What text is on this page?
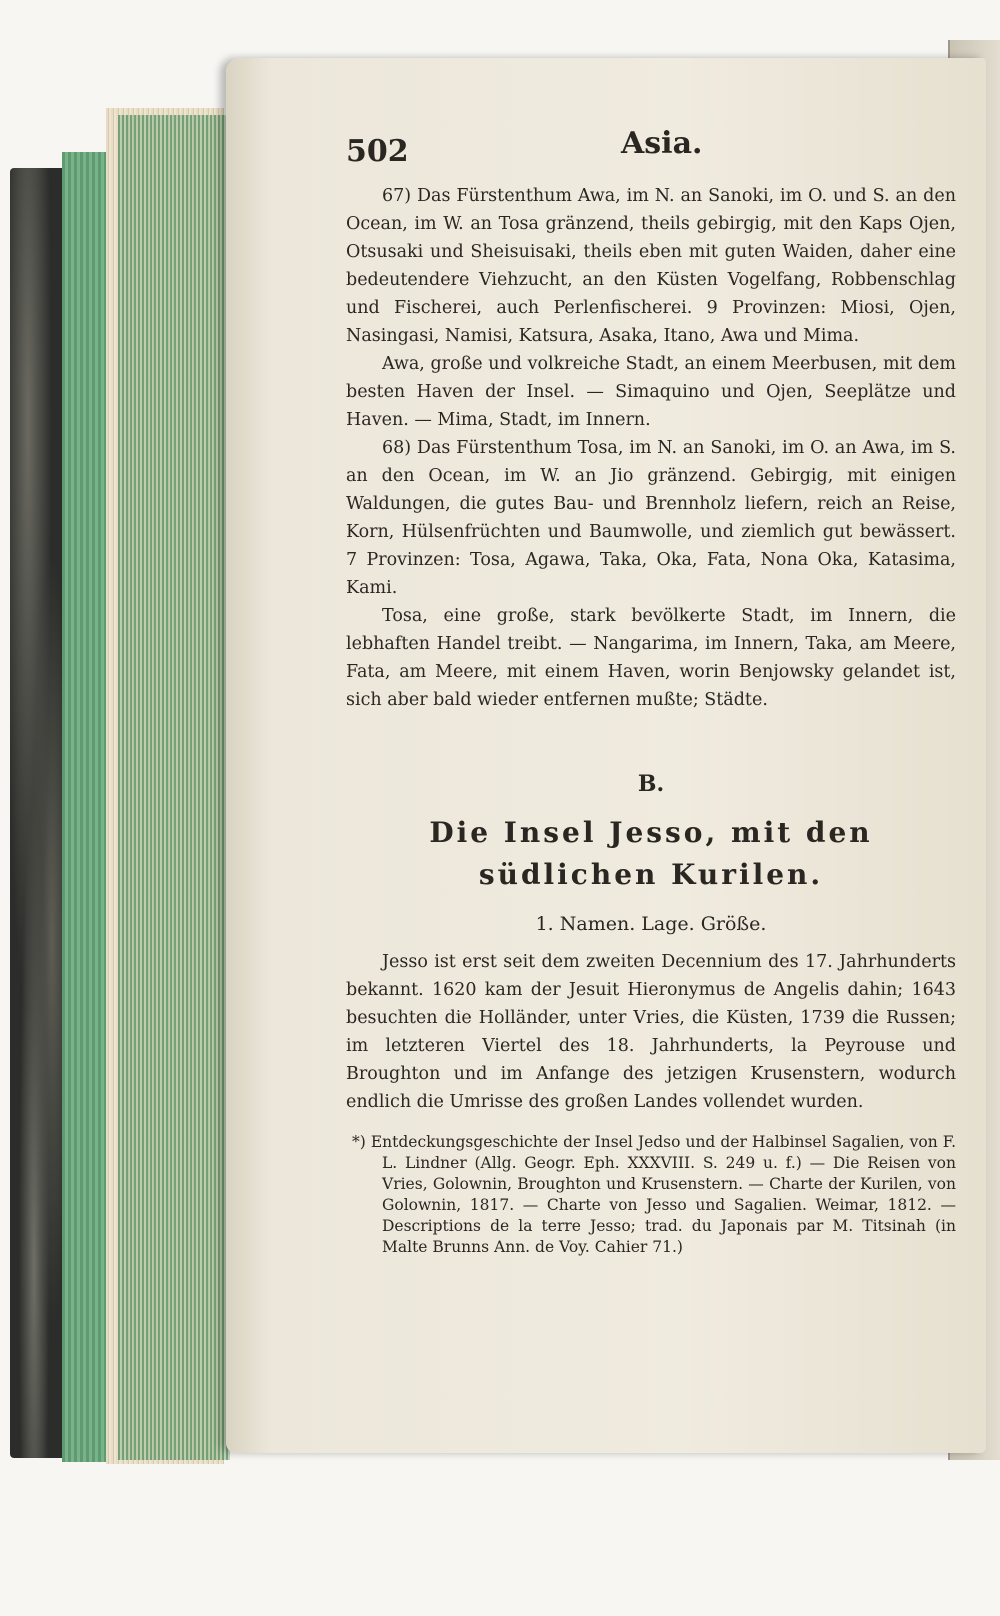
502	Asia.

67) Das Fürstenthum Awa, im N. an Sanoki, im O. und S. an den Ocean, im W. an Tosa gränzend, theils gebirgig, mit den Kaps Ojen, Otsusaki und Sheisuisaki, theils eben mit guten Waiden, daher eine bedeutendere Viehzucht, an den Küsten Vogelfang, Robbenschlag und Fischerei, auch Perlenfischerei. 9 Provinzen: Miosi, Ojen, Nasingasi, Namisi, Katsura, Asaka, Itano, Awa und Mima.

Awa, große und volkreiche Stadt, an einem Meerbusen, mit dem besten Haven der Insel. — Simaquino und Ojen, Seeplätze und Haven. — Mima, Stadt, im Innern.

68) Das Fürstenthum Tosa, im N. an Sanoki, im O. an Awa, im S. an den Ocean, im W. an Jio gränzend. Gebirgig, mit einigen Waldungen, die gutes Bau- und Brennholz liefern, reich an Reise, Korn, Hülsenfrüchten und Baumwolle, und ziemlich gut bewässert. 7 Provinzen: Tosa, Agawa, Taka, Oka, Fata, Nona Oka, Katasima, Kami.

Tosa, eine große, stark bevölkerte Stadt, im Innern, die lebhaften Handel treibt. — Nangarima, im Innern, Taka, am Meere, Fata, am Meere, mit einem Haven, worin Benjowsky gelandet ist, sich aber bald wieder entfernen mußte; Städte.

B.
Die Insel Jesso, mit den südlichen Kurilen.
1. Namen. Lage. Größe.

Jesso ist erst seit dem zweiten Decennium des 17. Jahrhunderts bekannt. 1620 kam der Jesuit Hieronymus de Angelis dahin; 1643 besuchten die Holländer, unter Vries, die Küsten, 1739 die Russen; im letzteren Viertel des 18. Jahrhunderts, la Peyrouse und Broughton und im Anfange des jetzigen Krusenstern, wodurch endlich die Umrisse des großen Landes vollendet wurden.

*) Entdeckungsgeschichte der Insel Jedso und der Halbinsel Sagalien, von F. L. Lindner (Allg. Geogr. Eph. XXXVIII. S. 249 u. f.) — Die Reisen von Vries, Golownin, Broughton und Krusenstern. — Charte der Kurilen, von Golownin, 1817. — Charte von Jesso und Sagalien. Weimar, 1812. — Descriptions de la terre Jesso; trad. du Japonais par M. Titsinah (in Malte Brunns Ann. de Voy. Cahier 71.)
